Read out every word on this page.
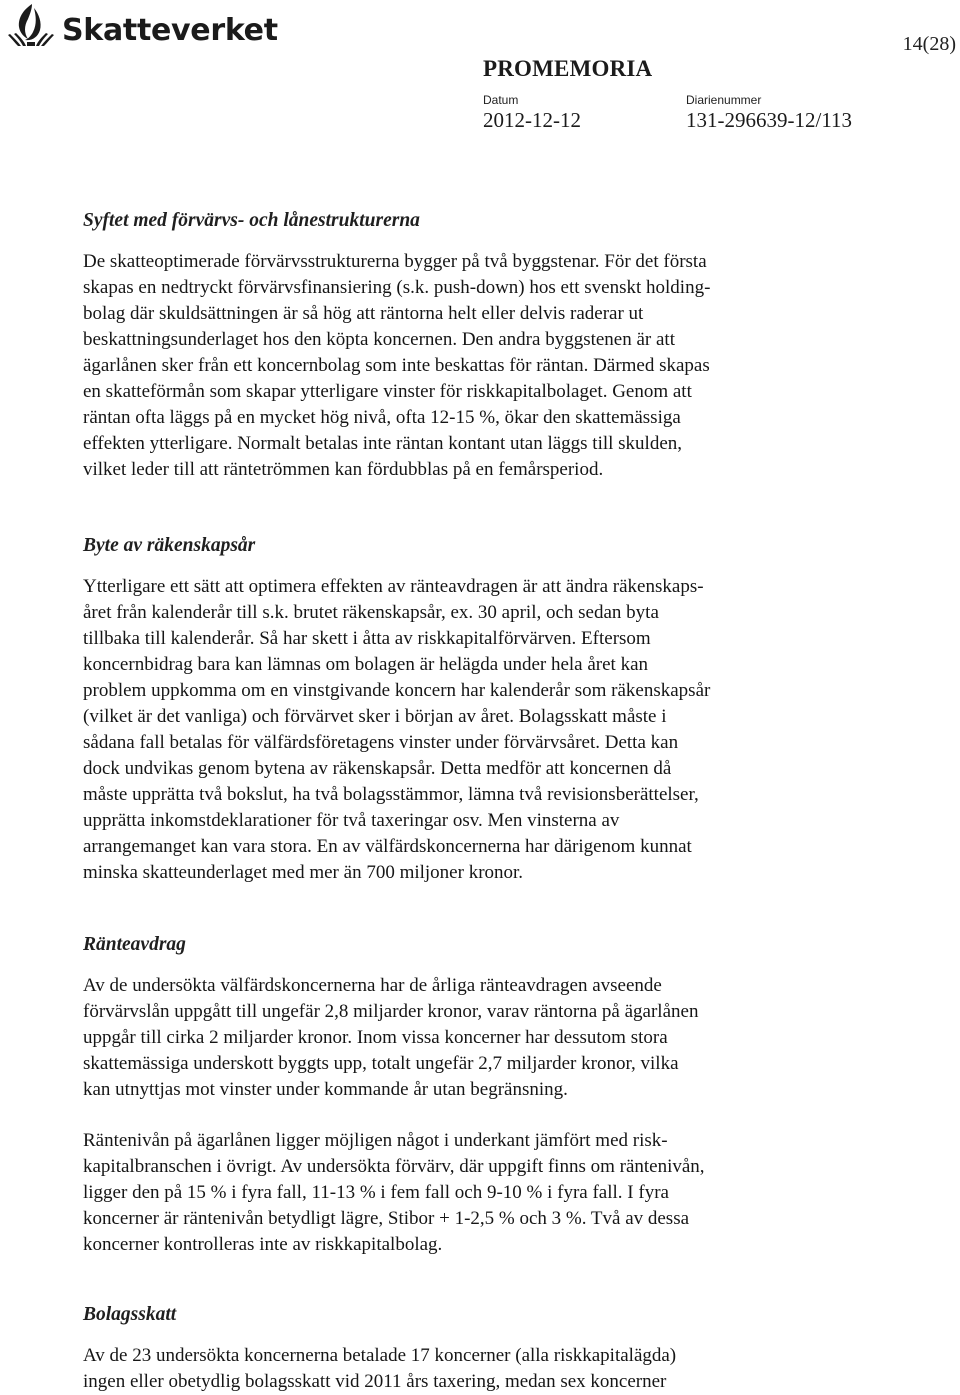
Skatteverket	14(28)
PROMEMORIA
Datum
2012-12-12
Diarienummer
131-296639-12/113
Syftet med förvärvs- och lånestrukturerna
De skatteoptimerade förvärvsstrukturerna bygger på två byggstenar. För det första
skapas en nedtryckt förvärvsfinansiering (s.k. push-down) hos ett svenskt holding-
bolag där skuldsättningen är så hög att räntorna helt eller delvis raderar ut
beskattningsunderlaget hos den köpta koncernen. Den andra byggstenen är att
ägarlånen sker från ett koncernbolag som inte beskattas för räntan. Därmed skapas
en skatteförmån som skapar ytterligare vinster för riskkapitalbolaget. Genom att
räntan ofta läggs på en mycket hög nivå, ofta 12-15 %, ökar den skattemässiga
effekten ytterligare. Normalt betalas inte räntan kontant utan läggs till skulden,
vilket leder till att räntetrömmen kan fördubblas på en femårsperiod.
Byte av räkenskapsår
Ytterligare ett sätt att optimera effekten av ränteavdragen är att ändra räkenskaps-
året från kalenderår till s.k. brutet räkenskapsår, ex. 30 april, och sedan byta
tillbaka till kalenderår. Så har skett i åtta av riskkapitalförvärven. Eftersom
koncernbidrag bara kan lämnas om bolagen är helägda under hela året kan
problem uppkomma om en vinstgivande koncern har kalenderår som räkenskapsår
(vilket är det vanliga) och förvärvet sker i början av året. Bolagsskatt måste i
sådana fall betalas för välfärdsföretagens vinster under förvärvsåret. Detta kan
dock undvikas genom bytena av räkenskapsår. Detta medför att koncernen då
måste upprätta två bokslut, ha två bolagsstämmor, lämna två revisionsberättelser,
upprätta inkomstdeklarationer för två taxeringar osv. Men vinsterna av
arrangemanget kan vara stora. En av välfärdskoncernerna har därigenom kunnat
minska skatteunderlaget med mer än 700 miljoner kronor.
Ränteavdrag
Av de undersökta välfärdskoncernerna har de årliga ränteavdragen avseende
förvärvslån uppgått till ungefär 2,8 miljarder kronor, varav räntorna på ägarlånen
uppgår till cirka 2 miljarder kronor. Inom vissa koncerner har dessutom stora
skattemässiga underskott byggts upp, totalt ungefär 2,7 miljarder kronor, vilka
kan utnyttjas mot vinster under kommande år utan begränsning.
Räntenivån på ägarlånen ligger möjligen något i underkant jämfört med risk-
kapitalbranschen i övrigt. Av undersökta förvärv, där uppgift finns om räntenivån,
ligger den på 15 % i fyra fall, 11-13 % i fem fall och 9-10 % i fyra fall. I fyra
koncerner är räntenivån betydligt lägre, Stibor + 1-2,5 % och 3 %. Två av dessa
koncerner kontrolleras inte av riskkapitalbolag.
Bolagsskatt
Av de 23 undersökta koncernerna betalade 17 koncerner (alla riskkapitalägda)
ingen eller obetydlig bolagsskatt vid 2011 års taxering, medan sex koncerner
